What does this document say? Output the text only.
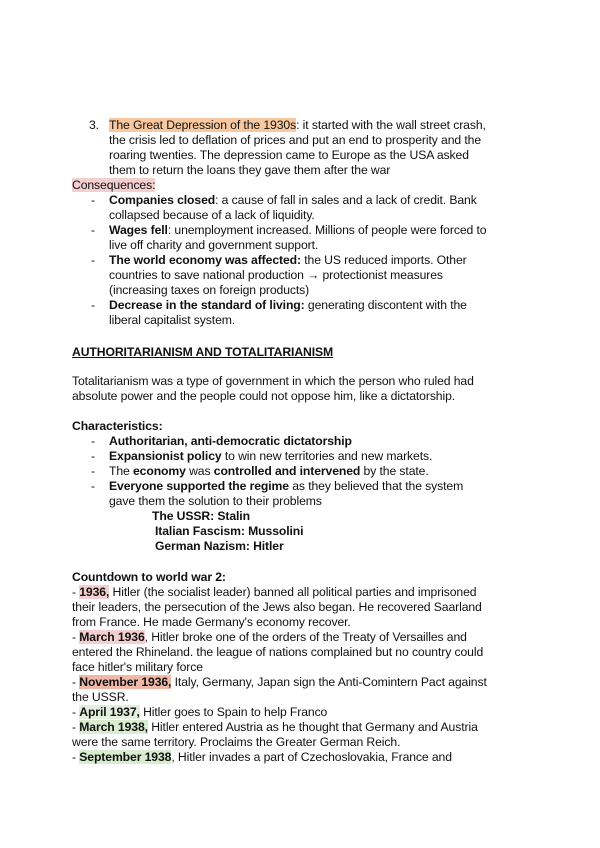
3. The Great Depression of the 1930s: it started with the wall street crash,
the crisis led to deflation of prices and put an end to prosperity and the
roaring twenties. The depression came to Europe as the USA asked
them to return the loans they gave them after the war
Consequences:
- Companies closed: a cause of fall in sales and a lack of credit. Bank
collapsed because of a lack of liquidity.
- Wages fell: unemployment increased. Millions of people were forced to
live off charity and government support.
- The world economy was affected: the US reduced imports. Other
countries to save national production → protectionist measures
(increasing taxes on foreign products)
- Decrease in the standard of living: generating discontent with the
liberal capitalist system.
AUTHORITARIANISM AND TOTALITARIANISM
Totalitarianism was a type of government in which the person who ruled had
absolute power and the people could not oppose him, like a dictatorship.
Characteristics:
- Authoritarian, anti-democratic dictatorship
- Expansionist policy to win new territories and new markets.
- The economy was controlled and intervened by the state.
- Everyone supported the regime as they believed that the system
gave them the solution to their problems
The USSR: Stalin
Italian Fascism: Mussolini
German Nazism: Hitler
Countdown to world war 2:
- 1936, Hitler (the socialist leader) banned all political parties and imprisoned
their leaders, the persecution of the Jews also began. He recovered Saarland
from France. He made Germany's economy recover.
- March 1936, Hitler broke one of the orders of the Treaty of Versailles and
entered the Rhineland. the league of nations complained but no country could
face hitler's military force
- November 1936, Italy, Germany, Japan sign the Anti-Comintern Pact against
the USSR.
- April 1937, Hitler goes to Spain to help Franco
- March 1938, Hitler entered Austria as he thought that Germany and Austria
were the same territory. Proclaims the Greater German Reich.
- September 1938, Hitler invades a part of Czechoslovakia, France and
